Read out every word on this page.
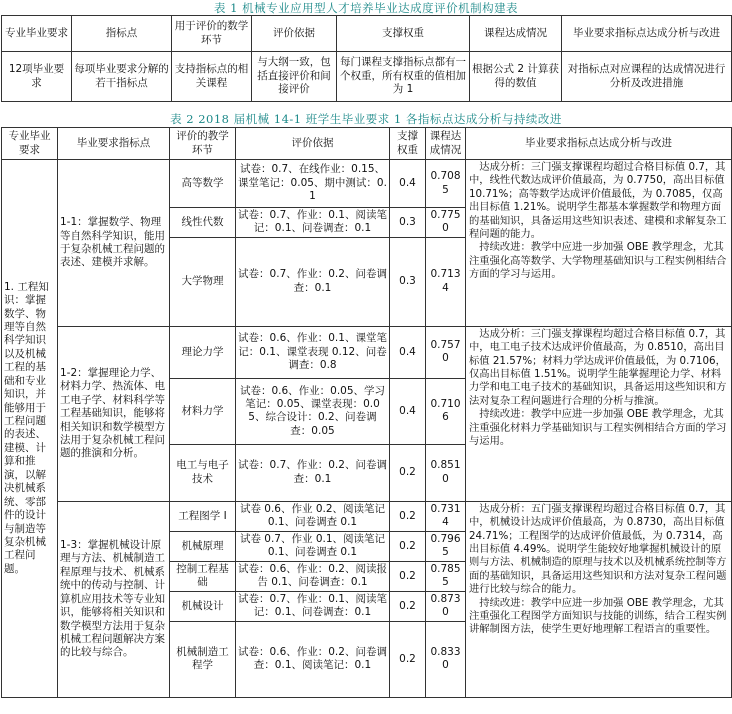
表 1 机械专业应用型人才培养毕业达成度评价机制构建表
专业毕业要求	指标点	用于评价的数学环节	评价依据	支撑权重	课程达成情况	毕业要求指标点达成分析与改进
12项毕业要求	每项毕业要求分解的若干指标点	支持指标点的相关课程	与大纲一致，包括直接评价和间接评价	每门课程支撑指标点都有一个权重，所有权重的值相加为 1	根据公式 2 计算获得的数值	对指标点对应课程的达成情况进行分析及改进措施
表 2 2018 届机械 14-1 班学生毕业要求 1 各指标点达成分析与持续改进
专业毕业要求	毕业要求指标点	评价的教学环节	评价依据	支撑权重	课程达成情况	毕业要求指标点达成分析与改进
1. 工程知识：掌握数学、物理等自然科学知识以及机械工程的基础和专业知识，并能够用于工程问题的表述、建模、计算和推演，以解决机械系统、零部件的设计与制造等复杂机械工程问题。	1-1：掌握数学、物理等自然科学知识，能用于复杂机械工程问题的表述、建模并求解。	高等数学	试卷：0.7、在线作业：0.15、课堂笔记：0.05、期中测试：0.1	0.4	0.7085	达成分析：三门强支撑课程均超过合格目标值 0.7，其中，线性代数达成评价值最高，为 0.7750，高出目标值 10.71%；高等数学达成评价值最低，为 0.7085，仅高出目标值 1.21%。说明学生都基本掌握数学和物理方面的基础知识，具备运用这些知识表述、建模和求解复杂工程问题的能力。

持续改进：教学中应进一步加强 OBE 教学理念，尤其注重强化高等数学、大学物理基础知识与工程实例相结合方面的学习与运用。

		线性代数	试卷：0.7、作业：0.1、阅读笔记：0.1、问卷调查：0.1	0.3	0.7750	
		大学物理	试卷：0.7、作业：0.2、问卷调查：0.1	0.3	0.7134	
	1-2：掌握理论力学、材料力学、热流体、电工电子学、材料科学等工程基础知识，能够将相关知识和数学模型方法用于复杂机械工程问题的推演和分析。	理论力学	试卷：0.6、作业：0.1、课堂笔记：0.1、课堂表现 0.12、问卷调查：0.8	0.4	0.7570	达成分析：三门强支撑课程均超过合格目标值 0.7，其中，电工电子技术达成评价值最高，为 0.8510，高出目标值 21.57%；材料力学达成评价值最低，为 0.7106，仅高出目标值 1.51%。说明学生能掌握理论力学、材料力学和电工电子技术的基础知识，具备运用这些知识和方法对复杂工程问题进行合理的分析与推演。

持续改进：教学中应进一步加强 OBE 教学理念，尤其注重强化材料力学基础知识与工程实例相结合方面的学习与运用。

		材料力学	试卷：0.6、作业：0.05、学习笔记：0.05、课堂表现：0.05、综合设计：0.2、问卷调查：0.05	0.4	0.7106	
		电工与电子技术	试卷：0.7、作业：0.2、问卷调查：0.1	0.2	0.8510	
	1-3：掌握机械设计原理与方法、机械制造工程原理与技术、机械系统中的传动与控制、计算机应用技术等专业知识，能够将相关知识和数学模型方法用于复杂机械工程问题解决方案的比较与综合。	工程图学 I	试卷 0.6、作业 0.2、阅读笔记 0.1、问卷调查 0.1	0.2	0.7314	达成分析：五门强支撑课程均超过合格目标值 0.7，其中，机械设计达成评价值最高，为 0.8730，高出目标值 24.71%；工程图学的达成评价值最低，为 0.7314，高出目标值 4.49%。说明学生能较好地掌握机械设计的原则与方法、机械制造的原理与技术以及机械系统控制等方面的基础知识，具备运用这些知识和方法对复杂工程问题进行比较与综合的能力。

持续改进：教学中应进一步加强 OBE 教学理念，尤其注重强化工程图学方面知识与技能的训练，结合工程实例讲解制图方法，使学生更好地理解工程语言的重要性。

		机械原理	试卷 0.7、作业 0.1、阅读笔记 0.1、问卷调查 0.1	0.2	0.7965	
		控制工程基础	试卷：0.6、作业：0.2、阅读报告 0.1、问卷调查：0.1	0.2	0.7855	
		机械设计	试卷：0.7、作业：0.1、阅读笔记：0.1、问卷调查：0.1	0.2	0.8730	
		机械制造工程学	试卷：0.6、作业：0.2、问卷调查：0.1、阅读笔记：0.1	0.2	0.8330	
